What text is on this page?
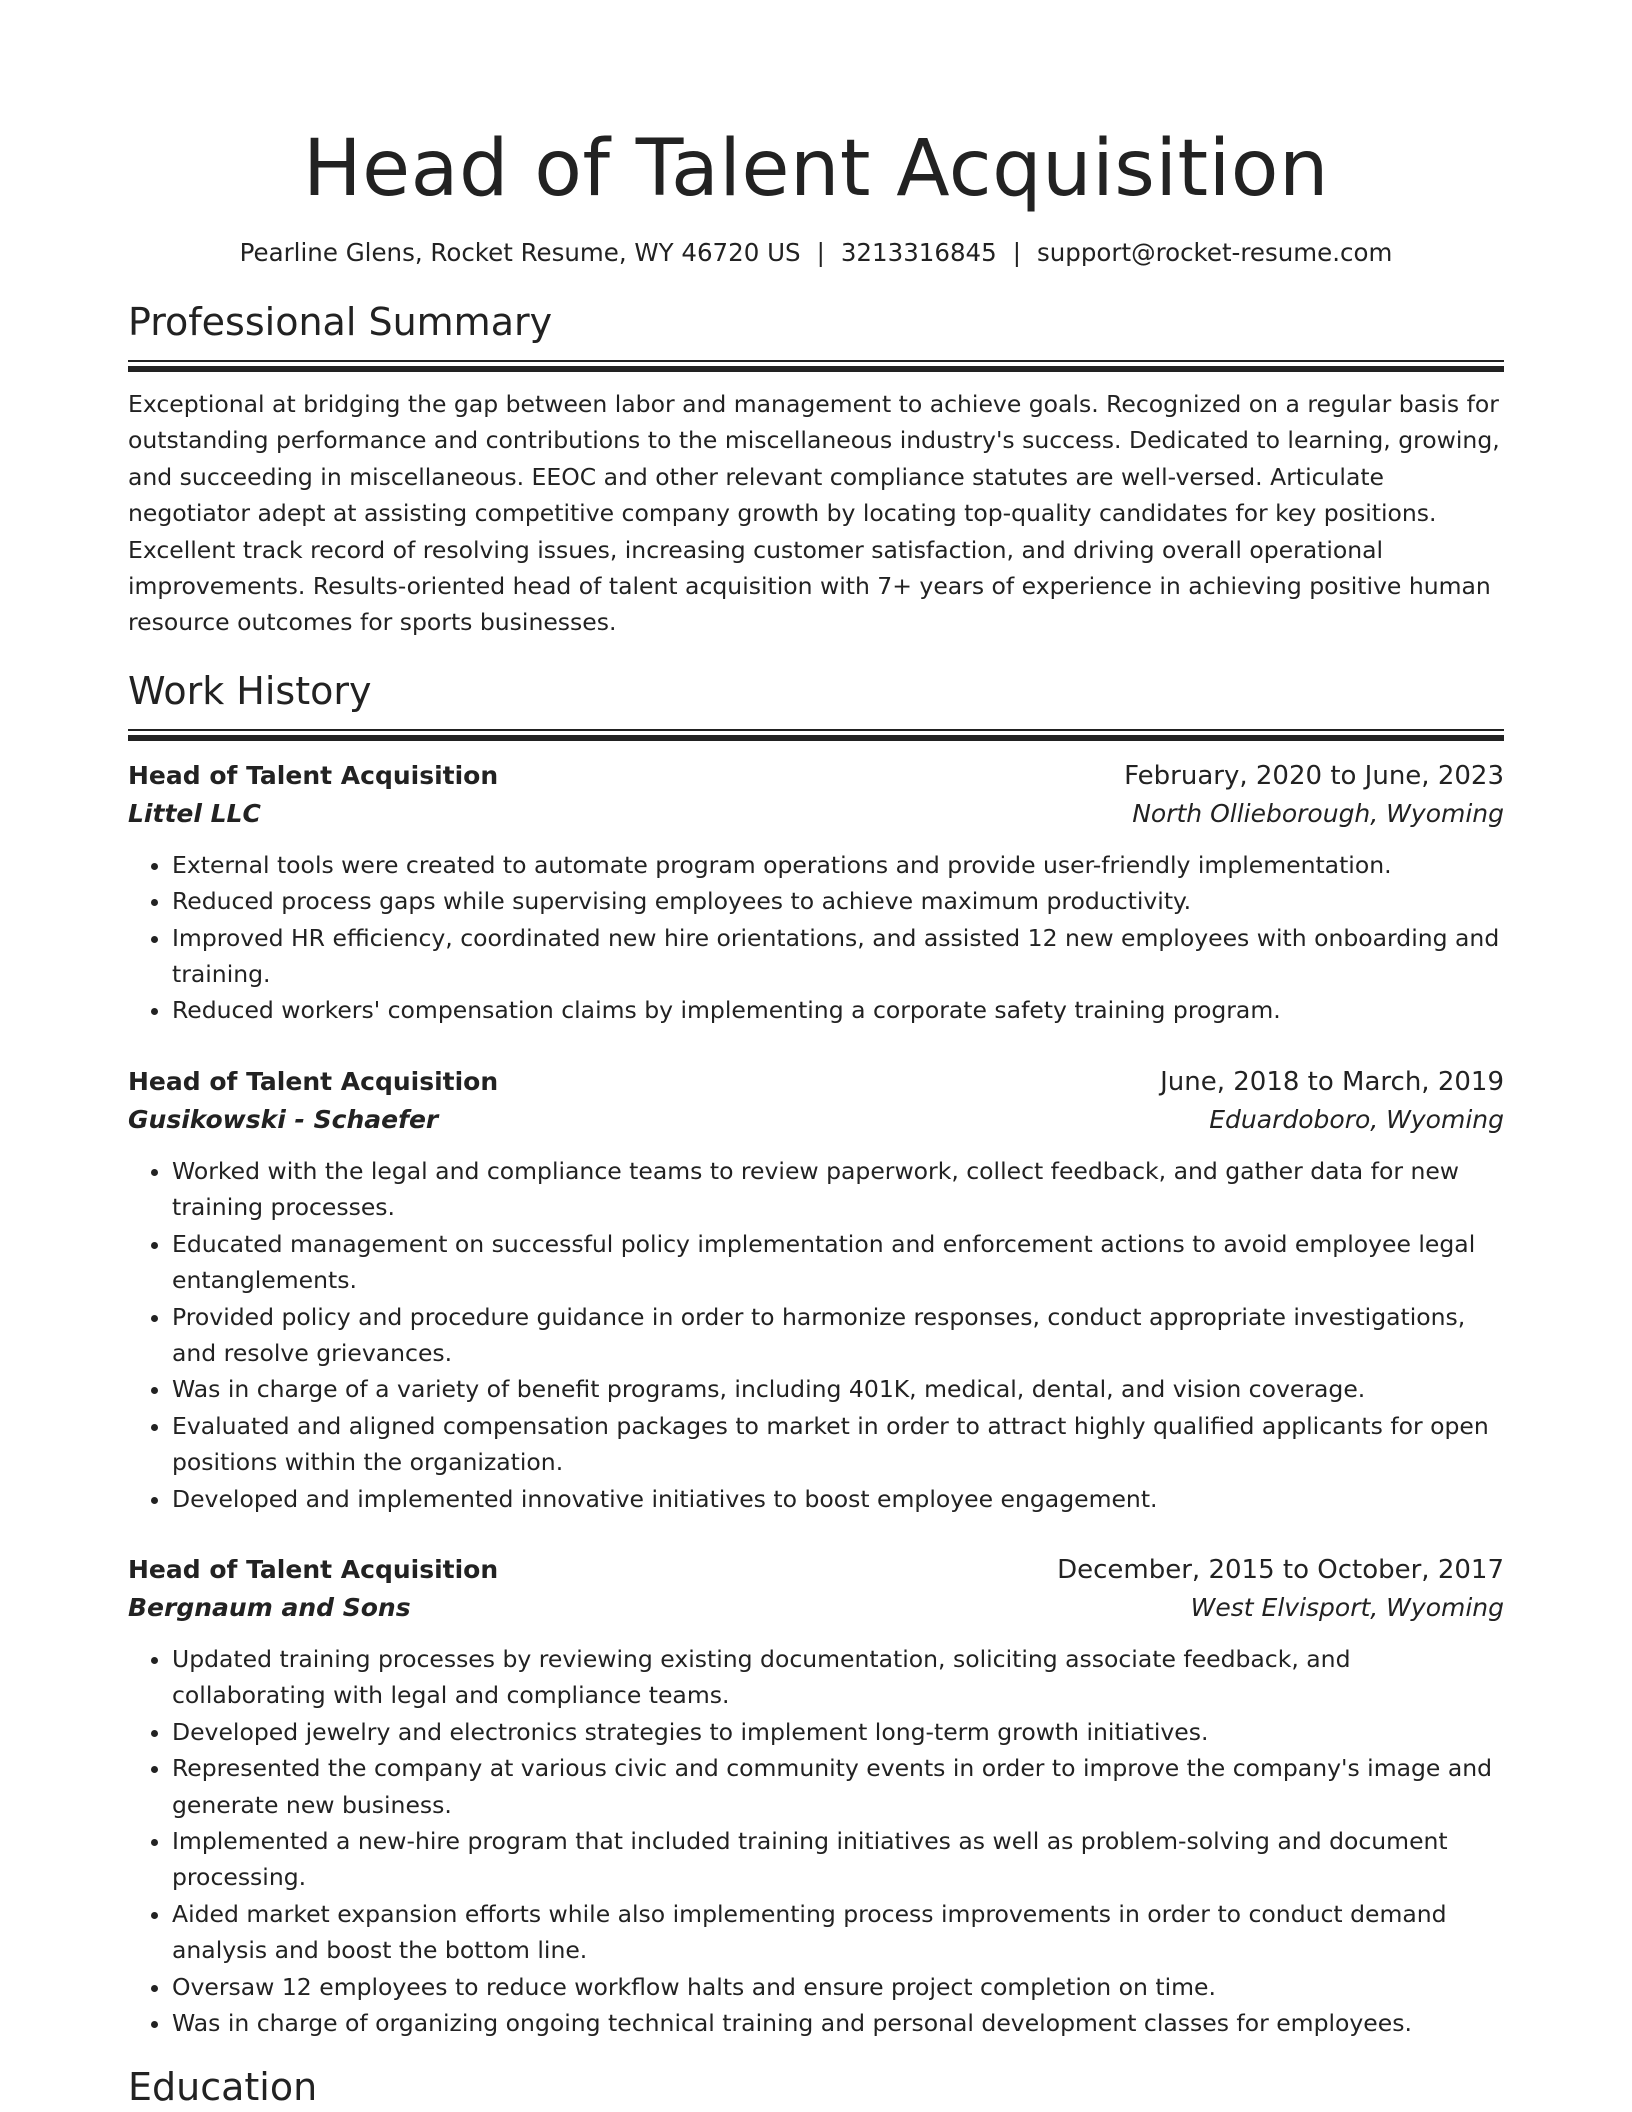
Head of Talent Acquisition
Pearline Glens, Rocket Resume, WY 46720 US | 3213316845 | support@rocket-resume.com
Professional Summary

Exceptional at bridging the gap between labor and management to achieve goals. Recognized on a regular basis for outstanding performance and contributions to the miscellaneous industry's success. Dedicated to learning, growing, and succeeding in miscellaneous. EEOC and other relevant compliance statutes are well-versed. Articulate negotiator adept at assisting competitive company growth by locating top-quality candidates for key positions. Excellent track record of resolving issues, increasing customer satisfaction, and driving overall operational improvements. Results-oriented head of talent acquisition with 7+ years of experience in achieving positive human resource outcomes for sports businesses.

Work History
Head of Talent Acquisition	February, 2020 to June, 2023
Littel LLC	North Ollieborough, Wyoming
• External tools were created to automate program operations and provide user-friendly implementation.
• Reduced process gaps while supervising employees to achieve maximum productivity.
• Improved HR efficiency, coordinated new hire orientations, and assisted 12 new employees with onboarding and training.
• Reduced workers' compensation claims by implementing a corporate safety training program.
Head of Talent Acquisition	June, 2018 to March, 2019
Gusikowski - Schaefer	Eduardoboro, Wyoming
• Worked with the legal and compliance teams to review paperwork, collect feedback, and gather data for new training processes.
• Educated management on successful policy implementation and enforcement actions to avoid employee legal entanglements.
• Provided policy and procedure guidance in order to harmonize responses, conduct appropriate investigations, and resolve grievances.
• Was in charge of a variety of benefit programs, including 401K, medical, dental, and vision coverage.
• Evaluated and aligned compensation packages to market in order to attract highly qualified applicants for open positions within the organization.
• Developed and implemented innovative initiatives to boost employee engagement.
Head of Talent Acquisition	December, 2015 to October, 2017
Bergnaum and Sons	West Elvisport, Wyoming
• Updated training processes by reviewing existing documentation, soliciting associate feedback, and collaborating with legal and compliance teams.
• Developed jewelry and electronics strategies to implement long-term growth initiatives.
• Represented the company at various civic and community events in order to improve the company's image and generate new business.
• Implemented a new-hire program that included training initiatives as well as problem-solving and document processing.
• Aided market expansion efforts while also implementing process improvements in order to conduct demand analysis and boost the bottom line.
• Oversaw 12 employees to reduce workflow halts and ensure project completion on time.
• Was in charge of organizing ongoing technical training and personal development classes for employees.
Education
